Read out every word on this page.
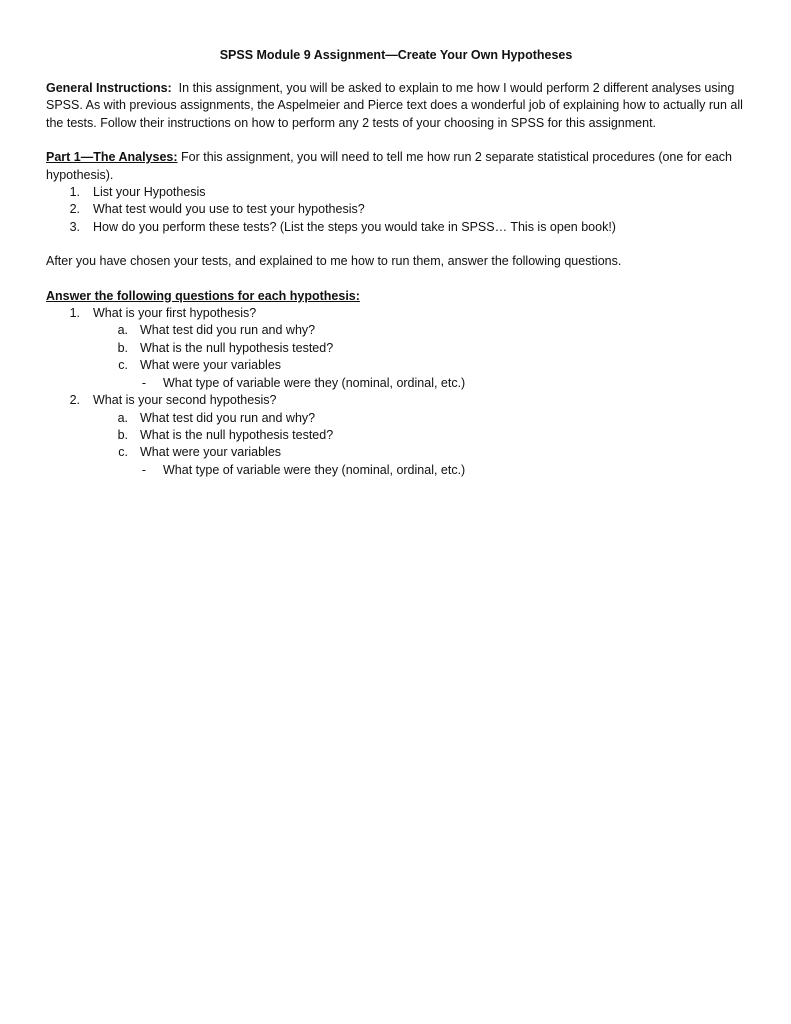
SPSS Module 9 Assignment—Create Your Own Hypotheses

General Instructions:  In this assignment, you will be asked to explain to me how I would perform 2 different analyses using SPSS. As with previous assignments, the Aspelmeier and Pierce text does a wonderful job of explaining how to actually run all the tests. Follow their instructions on how to perform any 2 tests of your choosing in SPSS for this assignment.

Part 1—The Analyses: For this assignment, you will need to tell me how run 2 separate statistical procedures (one for each hypothesis).

1. List your Hypothesis
2. What test would you use to test your hypothesis?
3. How do you perform these tests? (List the steps you would take in SPSS… This is open book!)

After you have chosen your tests, and explained to me how to run them, answer the following questions.

Answer the following questions for each hypothesis:

1. What is your first hypothesis?
a. What test did you run and why?
b. What is the null hypothesis tested?
c. What were your variables
- What type of variable were they (nominal, ordinal, etc.)
2. What is your second hypothesis?
a. What test did you run and why?
b. What is the null hypothesis tested?
c. What were your variables
- What type of variable were they (nominal, ordinal, etc.)
